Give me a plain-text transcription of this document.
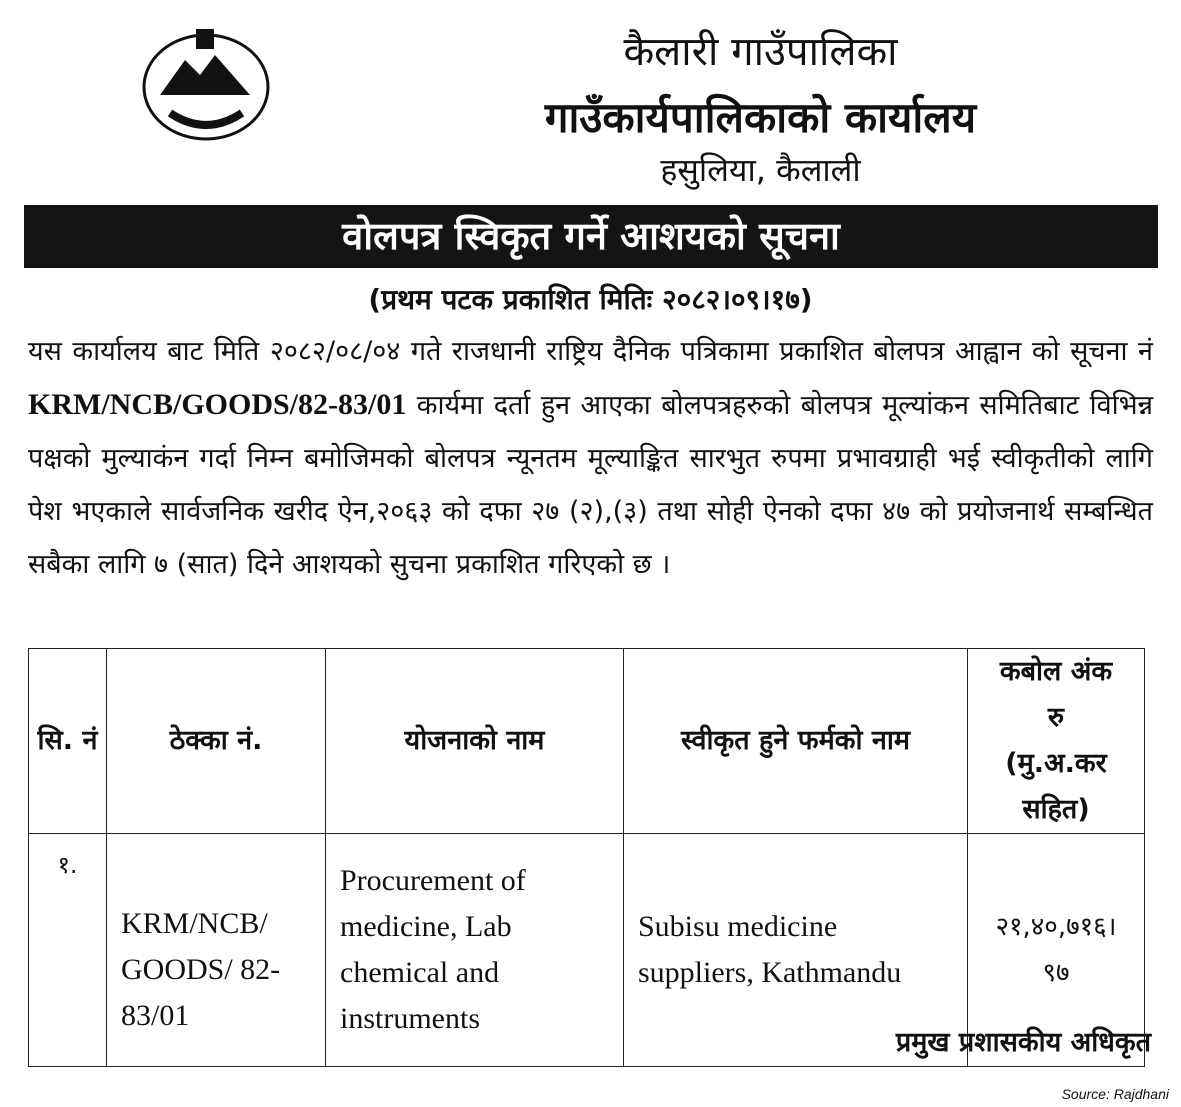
कैलारी गाउँपालिका
गाउँकार्यपालिकाको कार्यालय
हसुलिया, कैलाली
वोलपत्र स्विकृत गर्ने आशयको सूचना
(प्रथम पटक प्रकाशित मितिः २०८२।०९।१७)
यस कार्यालय बाट मिति २०८२/०८/०४ गते राजधानी राष्ट्रिय दैनिक पत्रिकामा प्रकाशित बोलपत्र आह्वान को सूचना नं KRM/NCB/GOODS/82-83/01 कार्यमा दर्ता हुन आएका बोलपत्रहरुको बोलपत्र मूल्यांकन समितिबाट विभिन्न पक्षको मुल्याकंन गर्दा निम्न बमोजिमको बोलपत्र न्यूनतम मूल्याङ्कित सारभुत रुपमा प्रभावग्राही भई स्वीकृतीको लागि पेश भएकाले सार्वजनिक खरीद ऐन,२०६३ को दफा २७ (२),(३) तथा सोही ऐनको दफा ४७ को प्रयोजनार्थ सम्बन्धित सबैका लागि ७ (सात) दिने आशयको सुचना प्रकाशित गरिएको छ ।
सि. नं	ठेक्का नं.	योजनाको नाम	स्वीकृत हुने फर्मको नाम	कबोल अंक रु (मु.अ.कर सहित)
१.	KRM/NCB/ GOODS/ 82-83/01	Procurement of medicine, Lab chemical and instruments	Subisu medicine suppliers, Kathmandu	२१,४०,७१६।९७
प्रमुख प्रशासकीय अधिकृत
Source: Rajdhani
